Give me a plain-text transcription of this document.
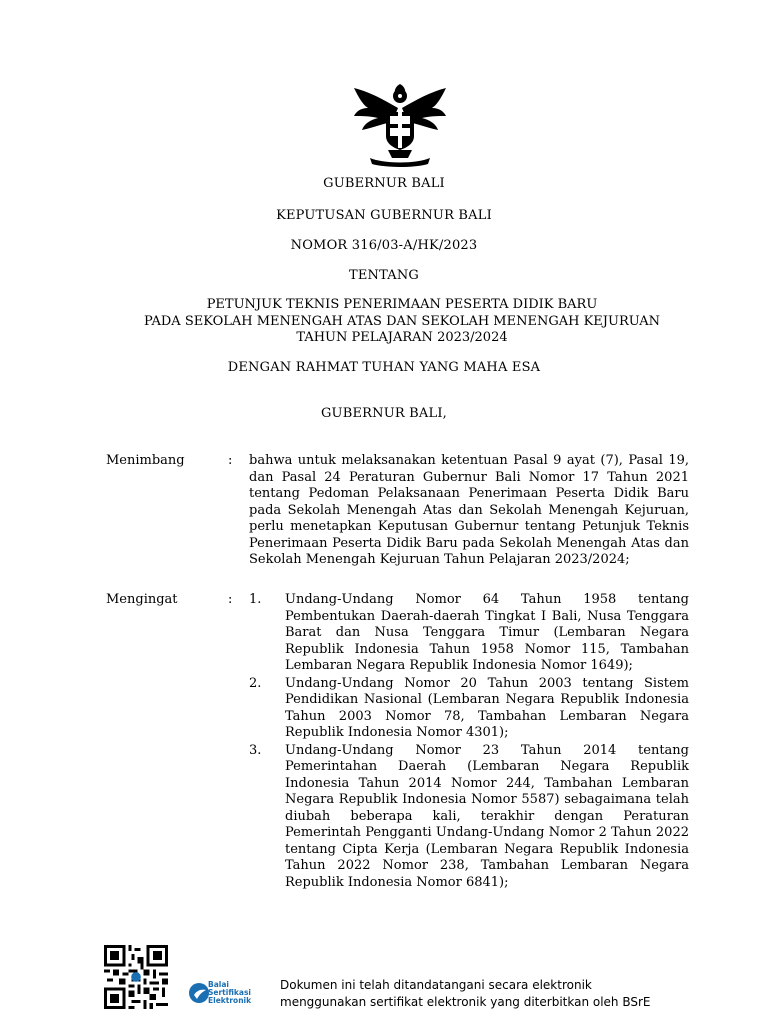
GUBERNUR BALI
KEPUTUSAN GUBERNUR BALI
NOMOR 316/03-A/HK/2023
TENTANG
PETUNJUK TEKNIS PENERIMAAN PESERTA DIDIK BARU
PADA SEKOLAH MENENGAH ATAS DAN SEKOLAH MENENGAH KEJURUAN
TAHUN PELAJARAN 2023/2024
DENGAN RAHMAT TUHAN YANG MAHA ESA
GUBERNUR BALI,
Menimbang	: bahwa untuk melaksanakan ketentuan Pasal 9 ayat (7), Pasal 19, dan Pasal 24 Peraturan Gubernur Bali Nomor 17 Tahun 2021 tentang Pedoman Pelaksanaan Penerimaan Peserta Didik Baru pada Sekolah Menengah Atas dan Sekolah Menengah Kejuruan, perlu menetapkan Keputusan Gubernur tentang Petunjuk Teknis Penerimaan Peserta Didik Baru pada Sekolah Menengah Atas dan Sekolah Menengah Kejuruan Tahun Pelajaran 2023/2024;
Mengingat	: 1. Undang-Undang Nomor 64 Tahun 1958 tentang Pembentukan Daerah-daerah Tingkat I Bali, Nusa Tenggara Barat dan Nusa Tenggara Timur (Lembaran Negara Republik Indonesia Tahun 1958 Nomor 115, Tambahan Lembaran Negara Republik Indonesia Nomor 1649);
2. Undang-Undang Nomor 20 Tahun 2003 tentang Sistem Pendidikan Nasional (Lembaran Negara Republik Indonesia Tahun 2003 Nomor 78, Tambahan Lembaran Negara Republik Indonesia Nomor 4301);
3. Undang-Undang Nomor 23 Tahun 2014 tentang Pemerintahan Daerah (Lembaran Negara Republik Indonesia Tahun 2014 Nomor 244, Tambahan Lembaran Negara Republik Indonesia Nomor 5587) sebagaimana telah diubah beberapa kali, terakhir dengan Peraturan Pemerintah Pengganti Undang-Undang Nomor 2 Tahun 2022 tentang Cipta Kerja (Lembaran Negara Republik Indonesia Tahun 2022 Nomor 238, Tambahan Lembaran Negara Republik Indonesia Nomor 6841);
Balai
Sertifikasi
Elektronik
Dokumen ini telah ditandatangani secara elektronik
menggunakan sertifikat elektronik yang diterbitkan oleh BSrE
